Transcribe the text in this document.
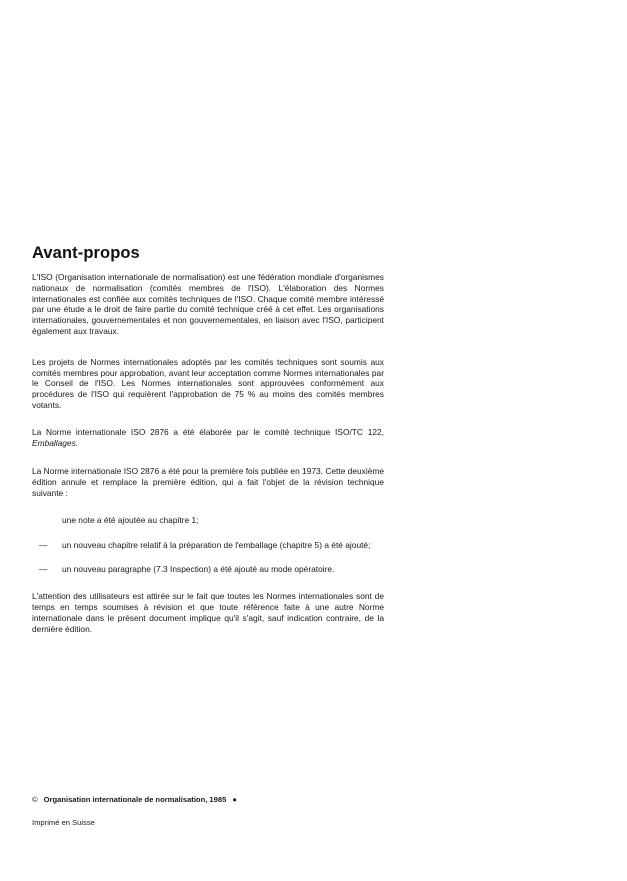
Avant-propos

L'ISO (Organisation internationale de normalisation) est une fédération mondiale d'organismes nationaux de normalisation (comités membres de l'ISO). L'élaboration des Normes internationales est confiée aux comités techniques de l'ISO. Chaque comité membre intéressé par une étude a le droit de faire partie du comité technique créé à cet effet. Les organisations internationales, gouvernementales et non gouvernementales, en liaison avec l'ISO, participent également aux travaux.

Les projets de Normes internationales adoptés par les comités techniques sont soumis aux comités membres pour approbation, avant leur acceptation comme Normes internationales par le Conseil de l'ISO. Les Normes internationales sont approuvées conformément aux procédures de l'ISO qui requièrent l'approbation de 75 % au moins des comités membres votants.

La Norme internationale ISO 2876 a été élaborée par le comité technique ISO/TC 122, Emballages.

La Norme internationale ISO 2876 a été pour la première fois publiée en 1973. Cette deuxième édition annule et remplace la première édition, qui a fait l'objet de la révision technique suivante :

une note a été ajoutée au chapitre 1;
—	un nouveau chapitre relatif à la préparation de l'emballage (chapitre 5) a été ajouté;
—	un nouveau paragraphe (7.3 Inspection) a été ajouté au mode opératoire.

L'attention des utilisateurs est attirée sur le fait que toutes les Normes internationales sont de temps en temps soumises à révision et que toute référence faite à une autre Norme internationale dans le présent document implique qu'il s'agit, sauf indication contraire, de la dernière édition.

© Organisation internationale de normalisation, 1985 ●
Imprimé en Suisse
